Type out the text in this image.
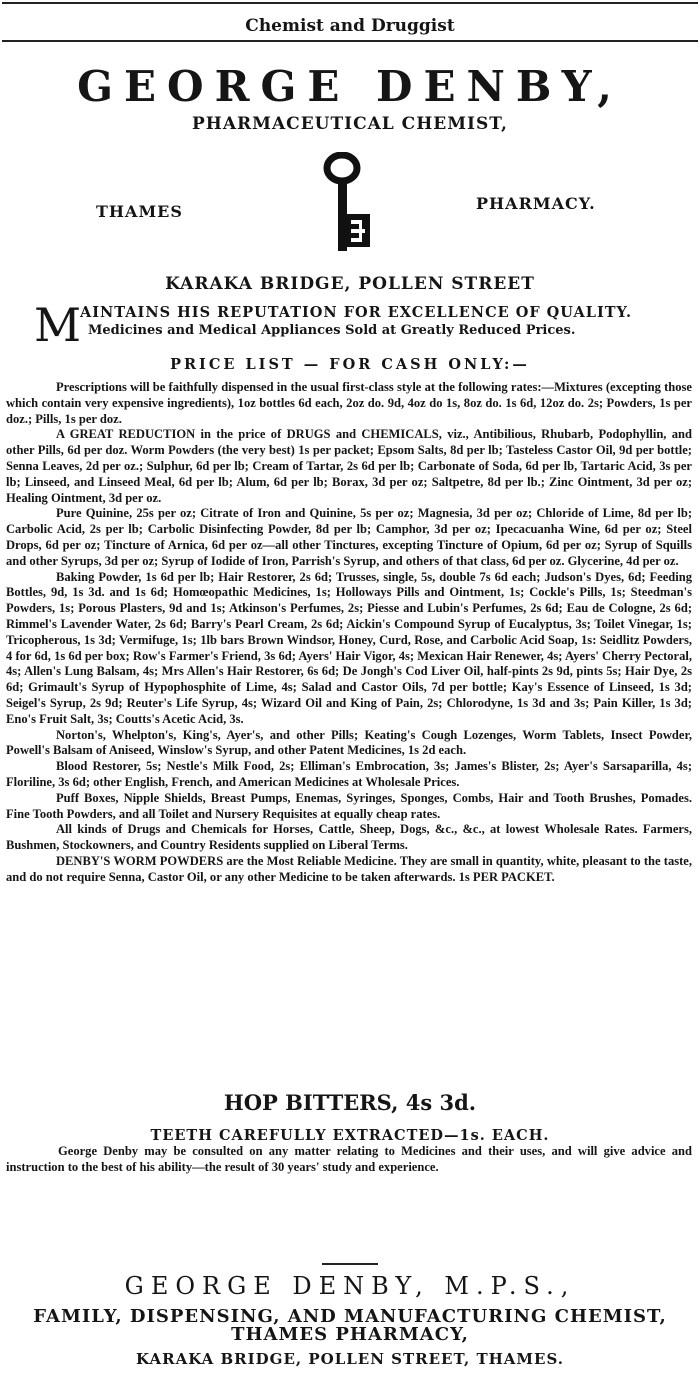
Chemist and Druggist
GEORGE DENBY,
PHARMACEUTICAL CHEMIST,
THAMES	PHARMACY.
KARAKA BRIDGE, POLLEN STREET
M
AINTAINS HIS REPUTATION FOR EXCELLENCE OF QUALITY.
Medicines and Medical Appliances Sold at Greatly Reduced Prices.
PRICE LIST — FOR CASH ONLY:—

Prescriptions will be faithfully dispensed in the usual first-class style at the following rates:—Mixtures (excepting those which contain very expensive ingredients), 1oz bottles 6d each, 2oz do. 9d, 4oz do 1s, 8oz do. 1s 6d, 12oz do. 2s; Powders, 1s per doz.; Pills, 1s per doz.

A GREAT REDUCTION in the price of DRUGS and CHEMICALS, viz., Antibilious, Rhubarb, Podophyllin, and other Pills, 6d per doz. Worm Powders (the very best) 1s per packet; Epsom Salts, 8d per lb; Tasteless Castor Oil, 9d per bottle; Senna Leaves, 2d per oz.; Sulphur, 6d per lb; Cream of Tartar, 2s 6d per lb; Carbonate of Soda, 6d per lb, Tartaric Acid, 3s per lb; Linseed, and Linseed Meal, 6d per lb; Alum, 6d per lb; Borax, 3d per oz; Saltpetre, 8d per lb.; Zinc Ointment, 3d per oz; Healing Ointment, 3d per oz.

Pure Quinine, 25s per oz; Citrate of Iron and Quinine, 5s per oz; Magnesia, 3d per oz; Chloride of Lime, 8d per lb; Carbolic Acid, 2s per lb; Carbolic Disinfecting Powder, 8d per lb; Camphor, 3d per oz; Ipecacuanha Wine, 6d per oz; Steel Drops, 6d per oz; Tincture of Arnica, 6d per oz—all other Tinctures, excepting Tincture of Opium, 6d per oz; Syrup of Squills and other Syrups, 3d per oz; Syrup of Iodide of Iron, Parrish's Syrup, and others of that class, 6d per oz. Glycerine, 4d per oz.

Baking Powder, 1s 6d per lb; Hair Restorer, 2s 6d; Trusses, single, 5s, double 7s 6d each; Judson's Dyes, 6d; Feeding Bottles, 9d, 1s 3d. and 1s 6d; Homœopathic Medicines, 1s; Holloways Pills and Ointment, 1s; Cockle's Pills, 1s; Steedman's Powders, 1s; Porous Plasters, 9d and 1s; Atkinson's Perfumes, 2s; Piesse and Lubin's Perfumes, 2s 6d; Eau de Cologne, 2s 6d; Rimmel's Lavender Water, 2s 6d; Barry's Pearl Cream, 2s 6d; Aickin's Compound Syrup of Eucalyptus, 3s; Toilet Vinegar, 1s; Tricopherous, 1s 3d; Vermifuge, 1s; 1lb bars Brown Windsor, Honey, Curd, Rose, and Carbolic Acid Soap, 1s: Seidlitz Powders, 4 for 6d, 1s 6d per box; Row's Farmer's Friend, 3s 6d; Ayers' Hair Vigor, 4s; Mexican Hair Renewer, 4s; Ayers' Cherry Pectoral, 4s; Allen's Lung Balsam, 4s; Mrs Allen's Hair Restorer, 6s 6d; De Jongh's Cod Liver Oil, half-pints 2s 9d, pints 5s; Hair Dye, 2s 6d; Grimault's Syrup of Hypophosphite of Lime, 4s; Salad and Castor Oils, 7d per bottle; Kay's Essence of Linseed, 1s 3d; Seigel's Syrup, 2s 9d; Reuter's Life Syrup, 4s; Wizard Oil and King of Pain, 2s; Chlorodyne, 1s 3d and 3s; Pain Killer, 1s 3d; Eno's Fruit Salt, 3s; Coutts's Acetic Acid, 3s.

Norton's, Whelpton's, King's, Ayer's, and other Pills; Keating's Cough Lozenges, Worm Tablets, Insect Powder, Powell's Balsam of Aniseed, Winslow's Syrup, and other Patent Medicines, 1s 2d each.

Blood Restorer, 5s; Nestle's Milk Food, 2s; Elliman's Embrocation, 3s; James's Blister, 2s; Ayer's Sarsaparilla, 4s; Floriline, 3s 6d; other English, French, and American Medicines at Wholesale Prices.

Puff Boxes, Nipple Shields, Breast Pumps, Enemas, Syringes, Sponges, Combs, Hair and Tooth Brushes, Pomades. Fine Tooth Powders, and all Toilet and Nursery Requisites at equally cheap rates.

All kinds of Drugs and Chemicals for Horses, Cattle, Sheep, Dogs, &c., &c., at lowest Wholesale Rates. Farmers, Bushmen, Stockowners, and Country Residents supplied on Liberal Terms.

DENBY'S WORM POWDERS are the Most Reliable Medicine. They are small in quantity, white, pleasant to the taste, and do not require Senna, Castor Oil, or any other Medicine to be taken afterwards. 1s PER PACKET.

HOP BITTERS, 4s 3d.
TEETH CAREFULLY EXTRACTED—1s. EACH.

George Denby may be consulted on any matter relating to Medicines and their uses, and will give advice and instruction to the best of his ability—the result of 30 years' study and experience.

GEORGE DENBY, M.P.S.,
FAMILY, DISPENSING, AND MANUFACTURING CHEMIST,
THAMES PHARMACY,
KARAKA BRIDGE, POLLEN STREET, THAMES.
